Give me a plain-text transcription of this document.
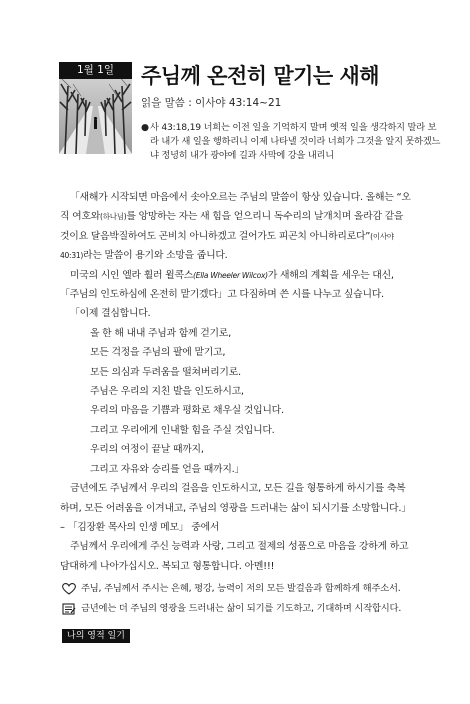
1월 1일	주님께 온전히 맡기는 새해
읽을 말씀 : 이사야 43:14~21
● 사 43:18,19 너희는 이전 일을 기억하지 말며 옛적 일을 생각하지 말라 보라 내가 새 일을 행하리니 이제 나타낼 것이라 너희가 그것을 알지 못하겠느냐 정녕히 내가 광야에 길과 사막에 강을 내리니

「새해가 시작되면 마음에서 솟아오르는 주님의 말씀이 항상 있습니다. 올해는 “오직 여호와(하나님)를 앙망하는 자는 새 힘을 얻으리니 독수리의 날개치며 올라감 같을 것이요 달음박질하여도 곤비치 아니하겠고 걸어가도 피곤치 아니하리로다”(이사야 40:31)라는 말씀이 용기와 소망을 줍니다.

미국의 시인 엘라 휠러 윌콕스(Ella Wheeler Wilcox)가 새해의 계획을 세우는 대신, 「주님의 인도하심에 온전히 맡기겠다」고 다짐하며 쓴 시를 나누고 싶습니다.

「이제 결심합니다.

올 한 해 내내 주님과 함께 걷기로,

모든 걱정을 주님의 팔에 맡기고,

모든 의심과 두려움을 떨쳐버리기로.

주님은 우리의 지친 발을 인도하시고,

우리의 마음을 기쁨과 평화로 채우실 것입니다.

그리고 우리에게 인내할 힘을 주실 것입니다.

우리의 여정이 끝날 때까지,

그리고 자유와 승리를 얻을 때까지.」

금년에도 주님께서 우리의 걸음을 인도하시고, 모든 길을 형통하게 하시기를 축복하며, 모든 어려움을 이겨내고, 주님의 영광을 드러내는 삶이 되시기를 소망합니다.」 – 「김장환 목사의 인생 메모」 중에서

주님께서 우리에게 주신 능력과 사랑, 그리고 절제의 성품으로 마음을 강하게 하고 담대하게 나아가십시오. 복되고 형통합니다. 아멘!!!

주님, 주님께서 주시는 은혜, 평강, 능력이 저의 모든 발걸음과 함께하게 해주소서.
금년에는 더 주님의 영광을 드러내는 삶이 되기를 기도하고, 기대하며 시작합시다.
나의 영적 일기
